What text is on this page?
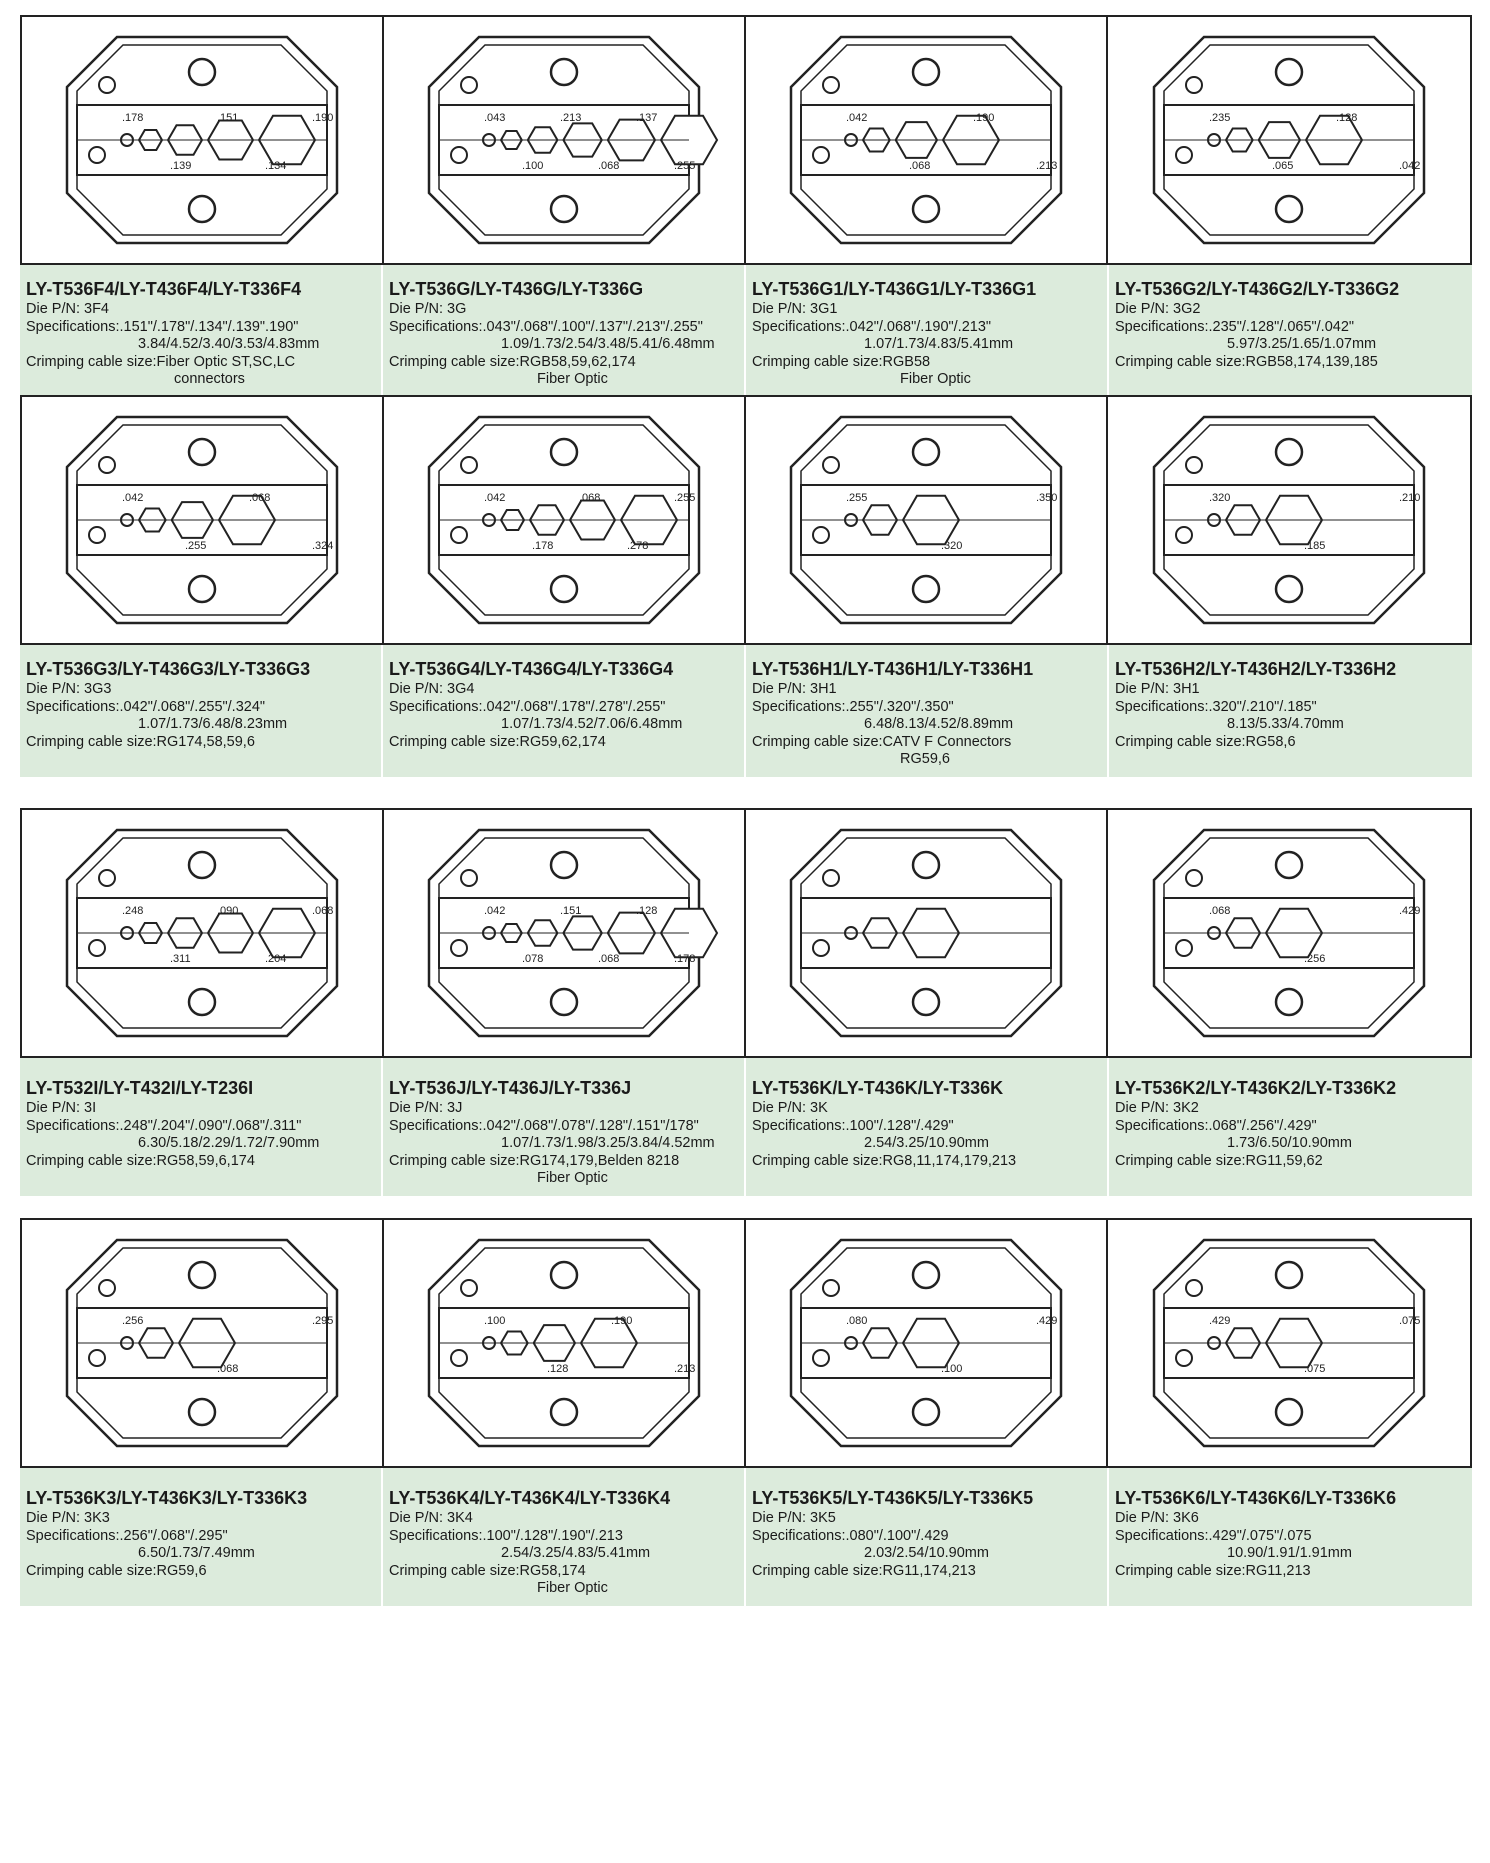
.178
.139
.151
.134
.190	.043
.100
.213
.068
.137
.255
.042
.068
.190
.213
.235
.065
.128
.042
LY-T536F4/LY-T436F4/LY-T336F4
Die P/N: 3F4
Specifications:.151"/.178"/.134"/.139".190"
3.84/4.52/3.40/3.53/4.83mm
Crimping cable size:Fiber Optic ST,SC,LC
connectors
LY-T536G/LY-T436G/LY-T336G
Die P/N: 3G
Specifications:.043"/.068"/.100"/.137"/.213"/.255"
1.09/1.73/2.54/3.48/5.41/6.48mm
Crimping cable size:RGB58,59,62,174
Fiber Optic
LY-T536G1/LY-T436G1/LY-T336G1
Die P/N: 3G1
Specifications:.042"/.068"/.190"/.213"
1.07/1.73/4.83/5.41mm
Crimping cable size:RGB58
Fiber Optic
LY-T536G2/LY-T436G2/LY-T336G2
Die P/N: 3G2
Specifications:.235"/.128"/.065"/.042"
5.97/3.25/1.65/1.07mm
Crimping cable size:RGB58,174,139,185
.042
.255
.068
.324
.042
.178
.068
.278
.255	.255
.320
.350	.320
.185
.210
LY-T536G3/LY-T436G3/LY-T336G3
Die P/N: 3G3
Specifications:.042"/.068"/.255"/.324"
1.07/1.73/6.48/8.23mm
Crimping cable size:RG174,58,59,6
LY-T536G4/LY-T436G4/LY-T336G4
Die P/N: 3G4
Specifications:.042"/.068"/.178"/.278"/.255"
1.07/1.73/4.52/7.06/6.48mm
Crimping cable size:RG59,62,174
LY-T536H1/LY-T436H1/LY-T336H1
Die P/N: 3H1
Specifications:.255"/.320"/.350"
6.48/8.13/4.52/8.89mm
Crimping cable size:CATV F Connectors
RG59,6
LY-T536H2/LY-T436H2/LY-T336H2
Die P/N: 3H1
Specifications:.320"/.210"/.185"
8.13/5.33/4.70mm
Crimping cable size:RG58,6
.248
.311
.090
.204
.068	.042
.078
.151
.068
.128
.178
.068
.256
.429
LY-T532I/LY-T432I/LY-T236I
Die P/N: 3I
Specifications:.248"/.204"/.090"/.068"/.311"
6.30/5.18/2.29/1.72/7.90mm
Crimping cable size:RG58,59,6,174
LY-T536J/LY-T436J/LY-T336J
Die P/N: 3J
Specifications:.042"/.068"/.078"/.128"/.151"/178"
1.07/1.73/1.98/3.25/3.84/4.52mm
Crimping cable size:RG174,179,Belden 8218
Fiber Optic
LY-T536K/LY-T436K/LY-T336K
Die P/N: 3K
Specifications:.100"/.128"/.429"
2.54/3.25/10.90mm
Crimping cable size:RG8,11,174,179,213
LY-T536K2/LY-T436K2/LY-T336K2
Die P/N: 3K2
Specifications:.068"/.256"/.429"
1.73/6.50/10.90mm
Crimping cable size:RG11,59,62
.256
.068
.295	.100
.128
.190
.213
.080
.100
.429	.429
.075
.075
LY-T536K3/LY-T436K3/LY-T336K3
Die P/N: 3K3
Specifications:.256"/.068"/.295"
6.50/1.73/7.49mm
Crimping cable size:RG59,6
LY-T536K4/LY-T436K4/LY-T336K4
Die P/N: 3K4
Specifications:.100"/.128"/.190"/.213
2.54/3.25/4.83/5.41mm
Crimping cable size:RG58,174
Fiber Optic
LY-T536K5/LY-T436K5/LY-T336K5
Die P/N: 3K5
Specifications:.080"/.100"/.429
2.03/2.54/10.90mm
Crimping cable size:RG11,174,213
LY-T536K6/LY-T436K6/LY-T336K6
Die P/N: 3K6
Specifications:.429"/.075"/.075
10.90/1.91/1.91mm
Crimping cable size:RG11,213
